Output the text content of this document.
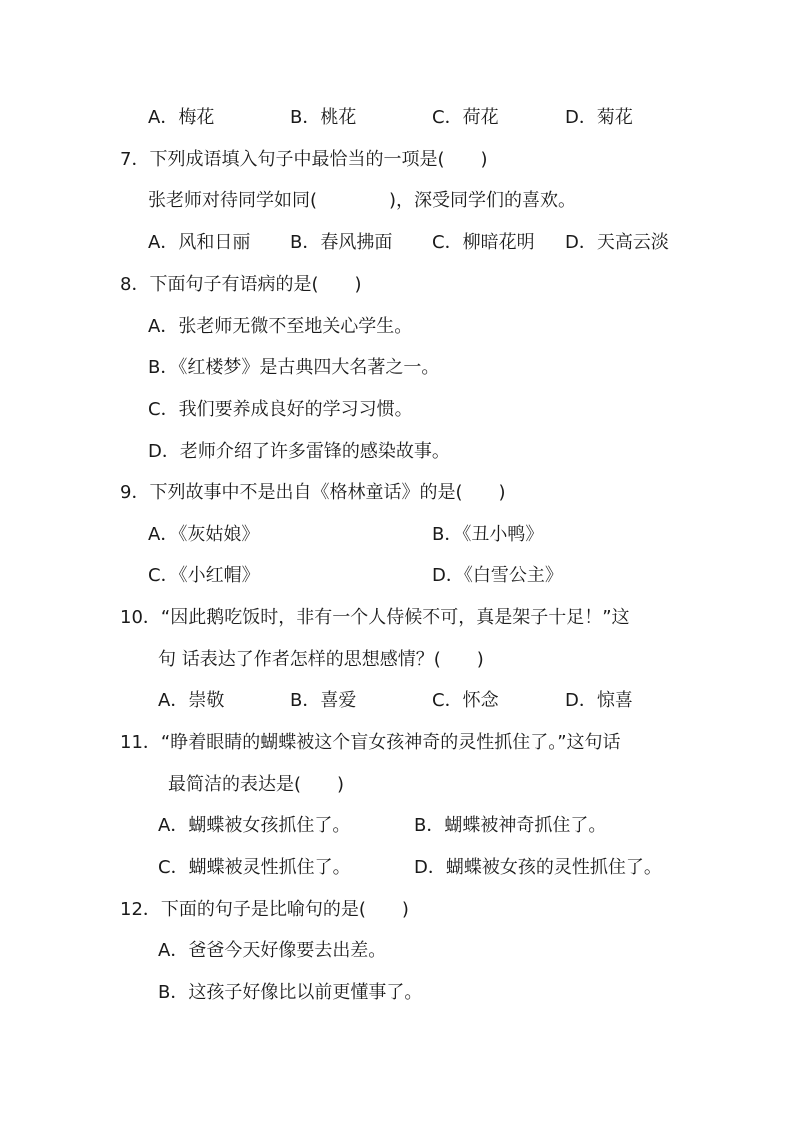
A．梅花	B．桃花	C．荷花	D．菊花
7．下列成语填入句子中最恰当的一项是(　　)
张老师对待同学如同(　　　　)，深受同学们的喜欢。
A．风和日丽 B．春风拂面 C．柳暗花明 D．天高云淡
8．下面句子有语病的是(　　)
A．张老师无微不至地关心学生。
B．《红楼梦》是古典四大名著之一。
C．我们要养成良好的学习习惯。
D．老师介绍了许多雷锋的感染故事。
9．下列故事中不是出自《格林童话》的是(　　)
A．《灰姑娘》	B．《丑小鸭》
C．《小红帽》	D．《白雪公主》
10．“因此鹅吃饭时，非有一个人侍候不可，真是架子十足！”这
句 话表达了作者怎样的思想感情？(　　)
A．崇敬	B．喜爱	C．怀念	D．惊喜
11．“睁着眼睛的蝴蝶被这个盲女孩神奇的灵性抓住了。”这句话
最简洁的表达是(　　)
A．蝴蝶被女孩抓住了。	B．蝴蝶被神奇抓住了。
C．蝴蝶被灵性抓住了。	D．蝴蝶被女孩的灵性抓住了。
12．下面的句子是比喻句的是(　　)
A．爸爸今天好像要去出差。
B．这孩子好像比以前更懂事了。
